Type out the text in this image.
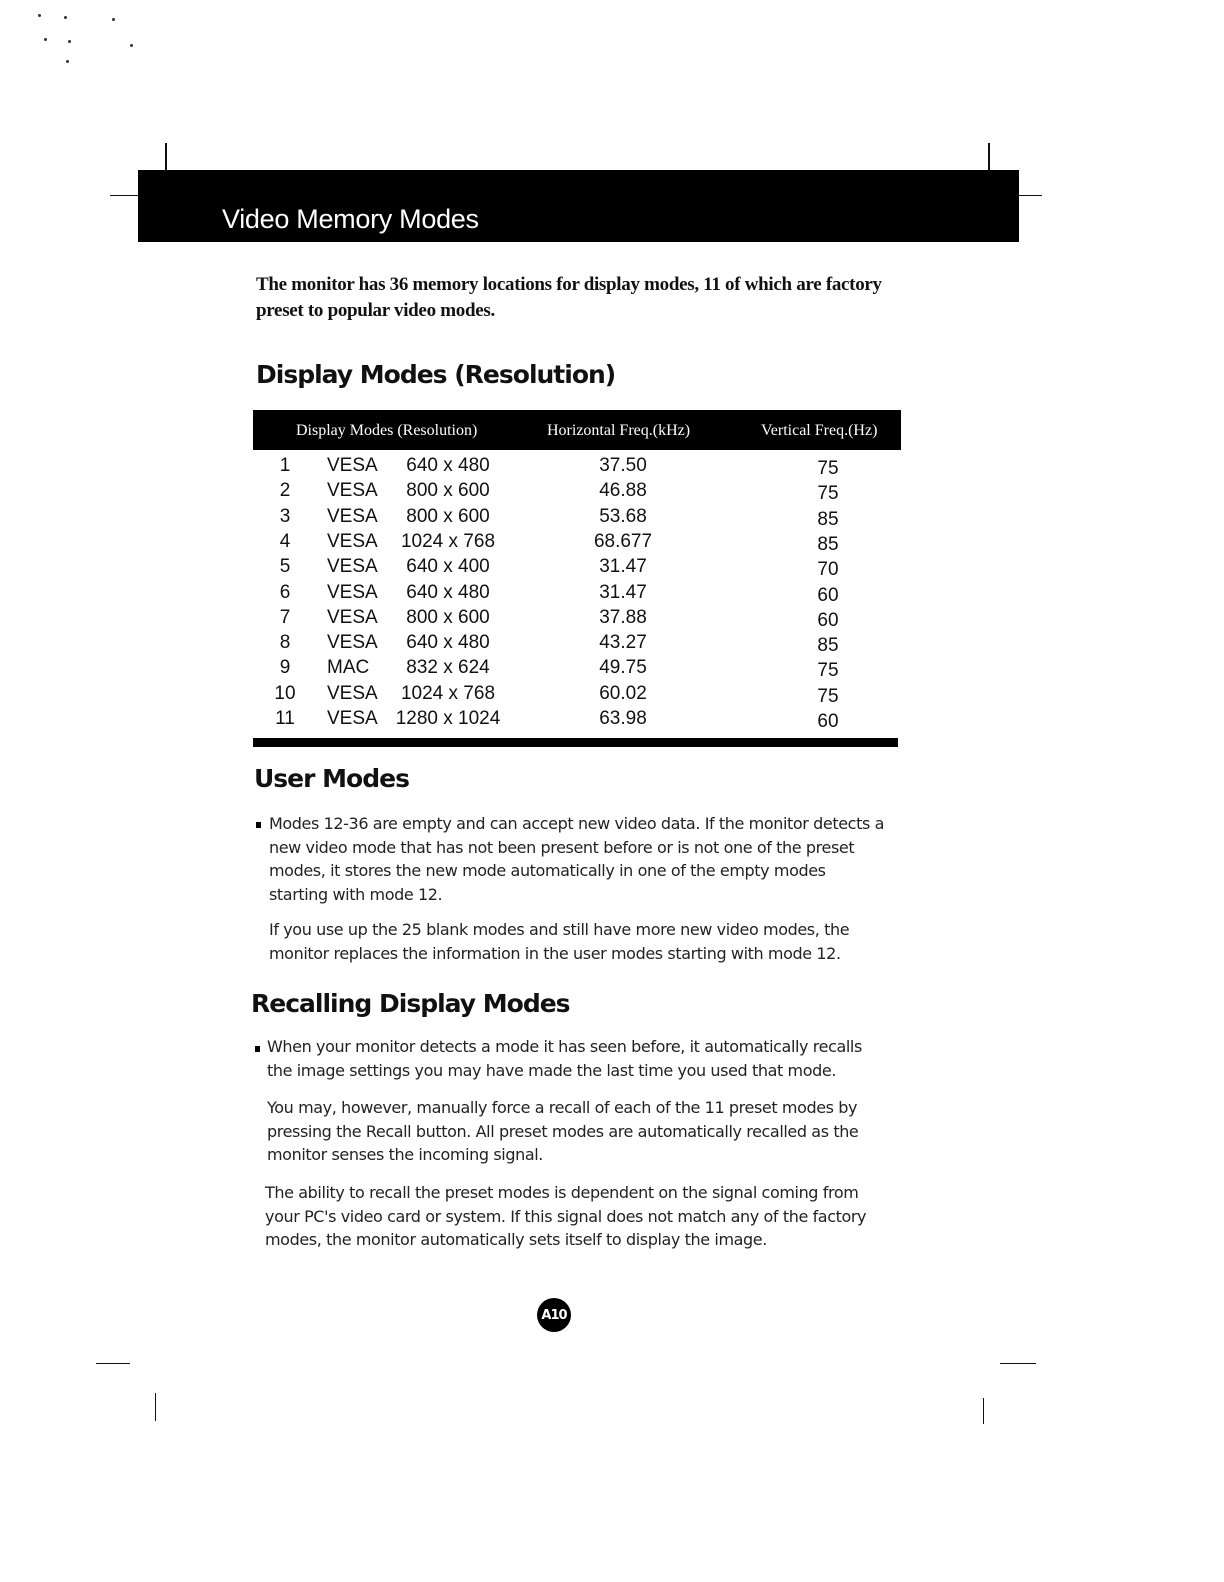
Video Memory Modes
The monitor has 36 memory locations for display modes, 11 of which are factory preset to popular video modes.
Display Modes (Resolution)
Display Modes (Resolution)	Horizontal Freq.(kHz)	Vertical Freq.(Hz)
1	VESA	640 x 480	37.50	75
2	VESA	800 x 600	46.88	75
3	VESA	800 x 600	53.68	85
4	VESA	1024 x 768	68.677	85
5	VESA	640 x 400	31.47	70
6	VESA	640 x 480	31.47	60
7	VESA	800 x 600	37.88	60
8	VESA	640 x 480	43.27	85
9	MAC	832 x 624	49.75	75
10	VESA	1024 x 768	60.02	75
11	VESA 1280 x 1024	63.98	60
User Modes
Modes 12-36 are empty and can accept new video data. If the monitor detects a new video mode that has not been present before or is not one of the preset modes, it stores the new mode automatically in one of the empty modes starting with mode 12.
If you use up the 25 blank modes and still have more new video modes, the monitor replaces the information in the user modes starting with mode 12.
Recalling Display Modes
When your monitor detects a mode it has seen before, it automatically recalls the image settings you may have made the last time you used that mode.
You may, however, manually force a recall of each of the 11 preset modes by pressing the Recall button. All preset modes are automatically recalled as the monitor senses the incoming signal.
The ability to recall the preset modes is dependent on the signal coming from your PC's video card or system. If this signal does not match any of the factory modes, the monitor automatically sets itself to display the image.
A10
